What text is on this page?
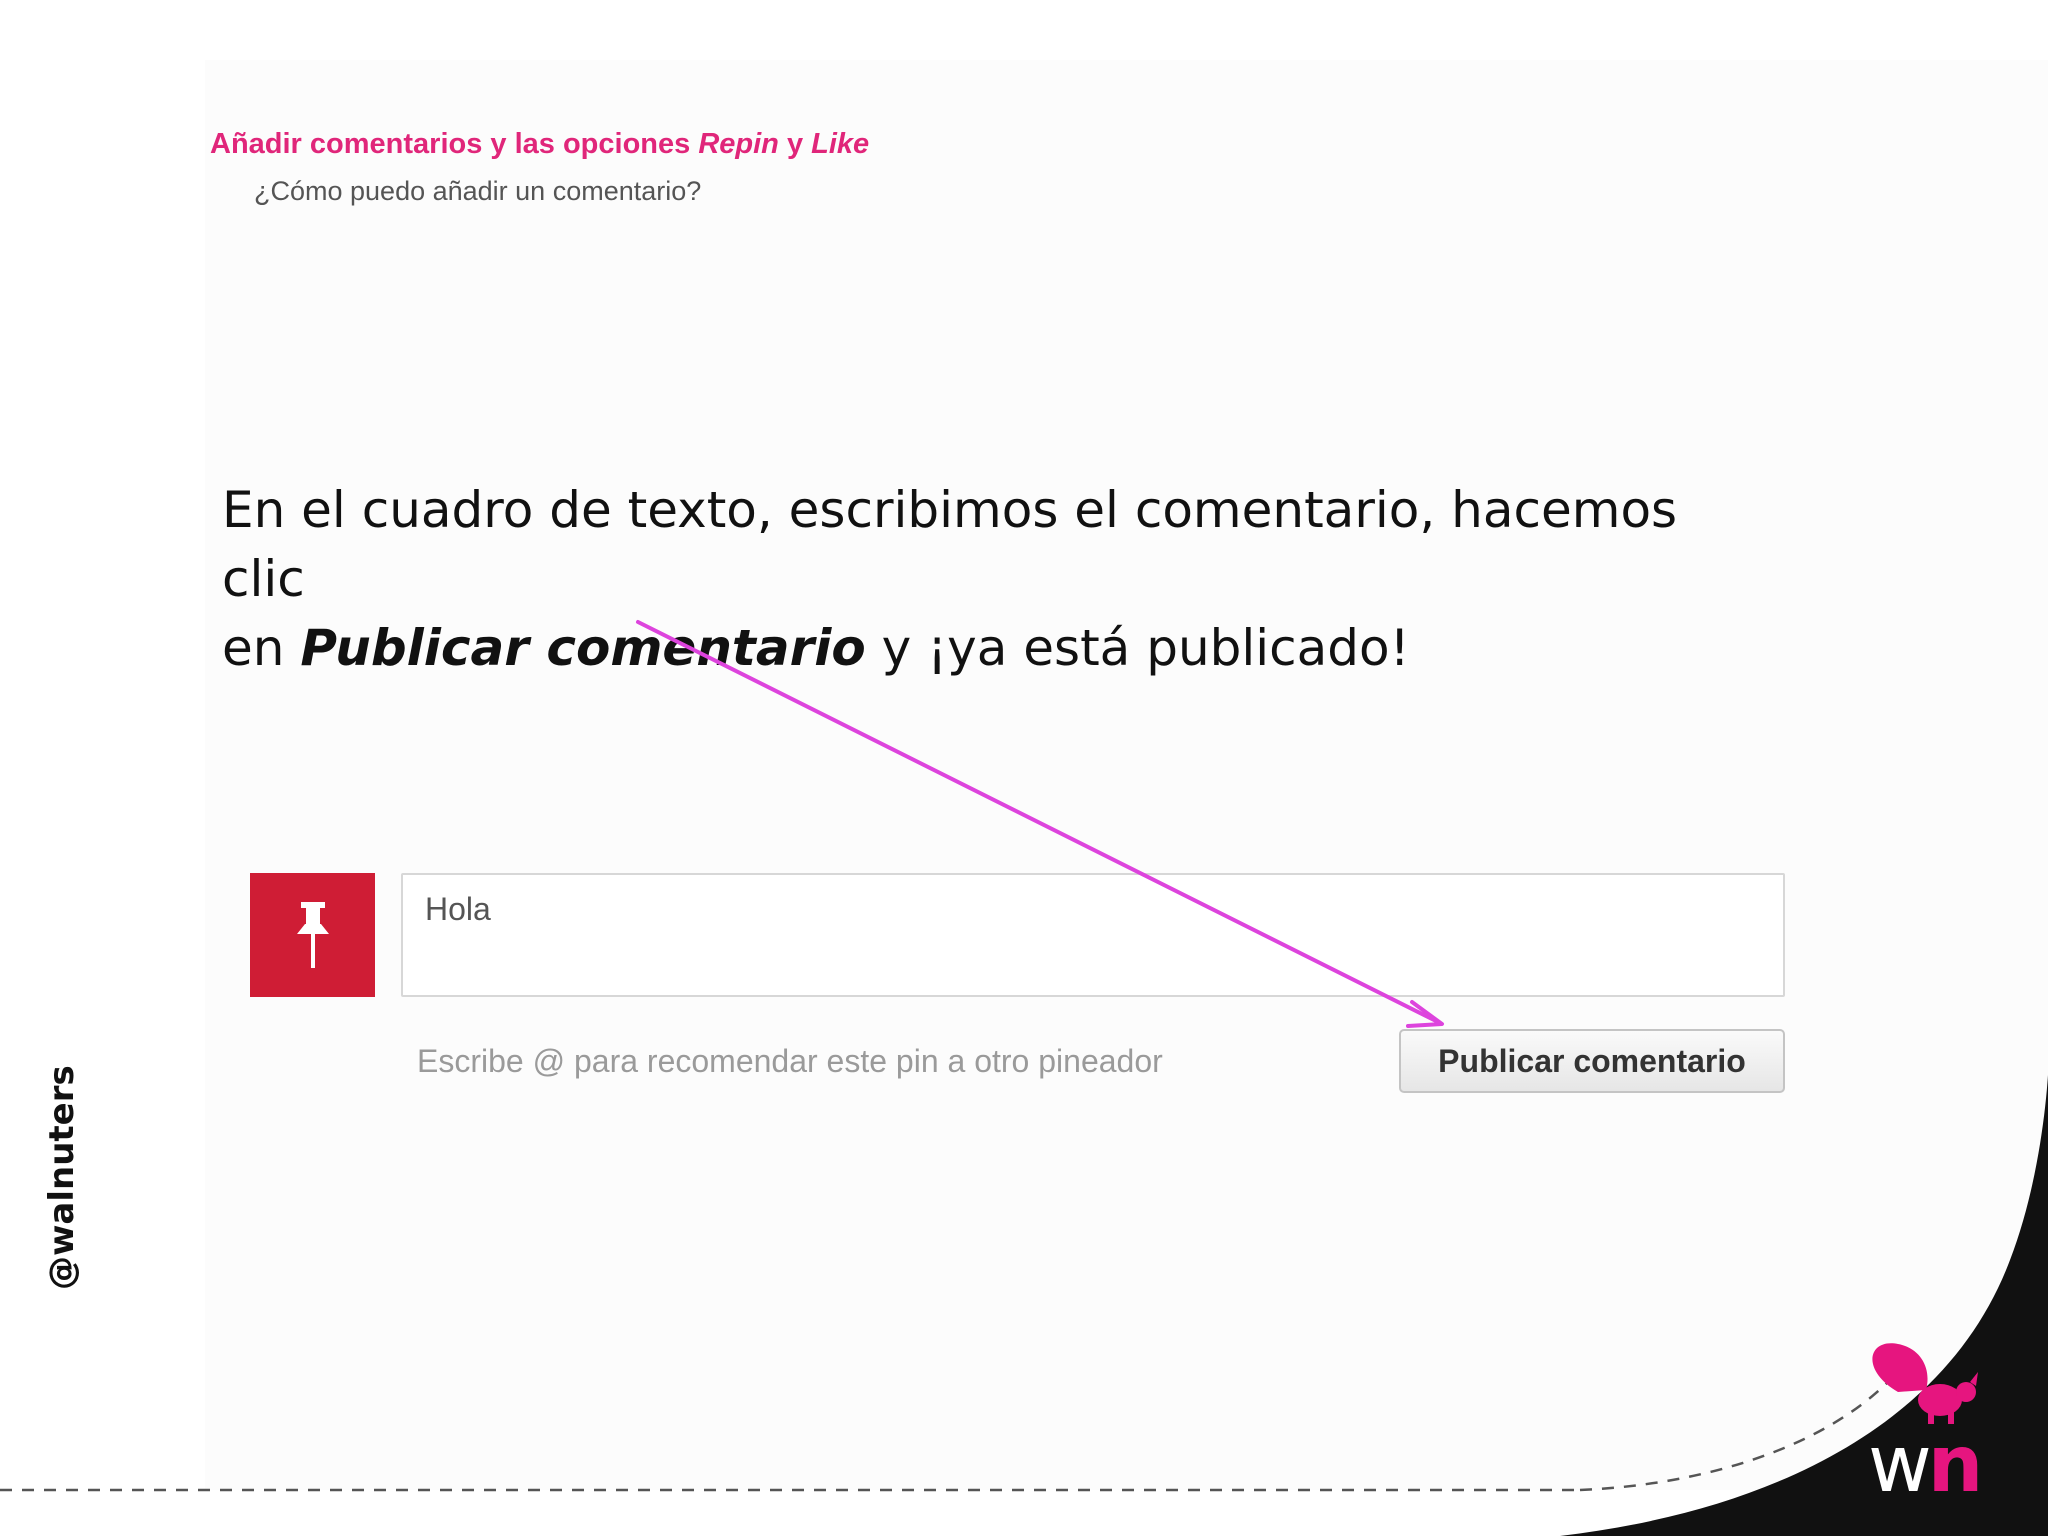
Añadir comentarios y las opciones Repin y Like
¿Cómo puedo añadir un comentario?
En el cuadro de texto, escribimos el comentario, hacemos clic
en Publicar comentario y ¡ya está publicado!
Hola
Escribe @ para recomendar este pin a otro pineador	Publicar comentario
@walnuters
wn
